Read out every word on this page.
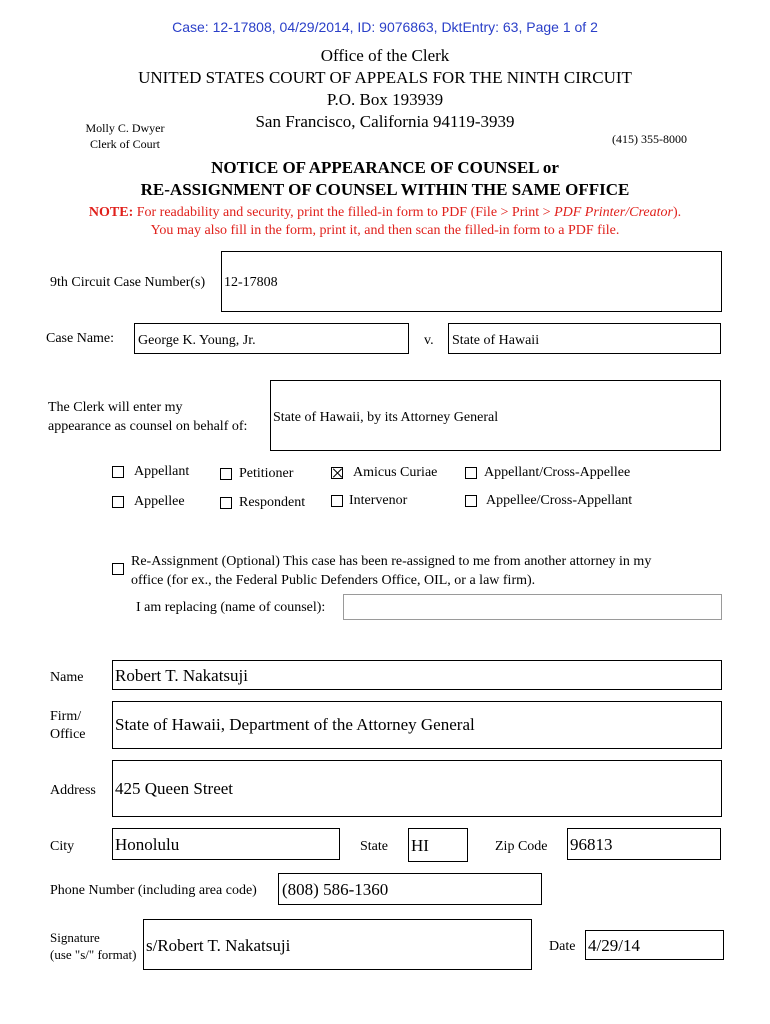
Case: 12-17808, 04/29/2014, ID: 9076863, DktEntry: 63, Page 1 of 2
Office of the Clerk
UNITED STATES COURT OF APPEALS FOR THE NINTH CIRCUIT
P.O. Box 193939
San Francisco, California 94119-3939
Molly C. Dwyer
Clerk of Court	(415) 355-8000
NOTICE OF APPEARANCE OF COUNSEL or
RE-ASSIGNMENT OF COUNSEL WITHIN THE SAME OFFICE
NOTE: For readability and security, print the filled-in form to PDF (File > Print > PDF Printer/Creator).
You may also fill in the form, print it, and then scan the filled-in form to a PDF file.
9th Circuit Case Number(s) 12-17808
Case Name: George K. Young, Jr.	v. State of Hawaii
The Clerk will enter my
appearance as counsel on behalf of:
State of Hawaii, by its Attorney General
Appellant	Petitioner	Amicus Curiae	Appellant/Cross-Appellee
Appellee	Respondent	Intervenor	Appellee/Cross-Appellant
Re-Assignment (Optional) This case has been re-assigned to me from another attorney in my
office (for ex., the Federal Public Defenders Office, OIL, or a law firm).
I am replacing (name of counsel):
Name Robert T. Nakatsuji
Firm/
Office
State of Hawaii, Department of the Attorney General
Address 425 Queen Street
City Honolulu	State HI	Zip Code 96813
Phone Number (including area code) (808) 586-1360
Signature
(use "s/" format) s/Robert T. Nakatsuji	Date 4/29/14
